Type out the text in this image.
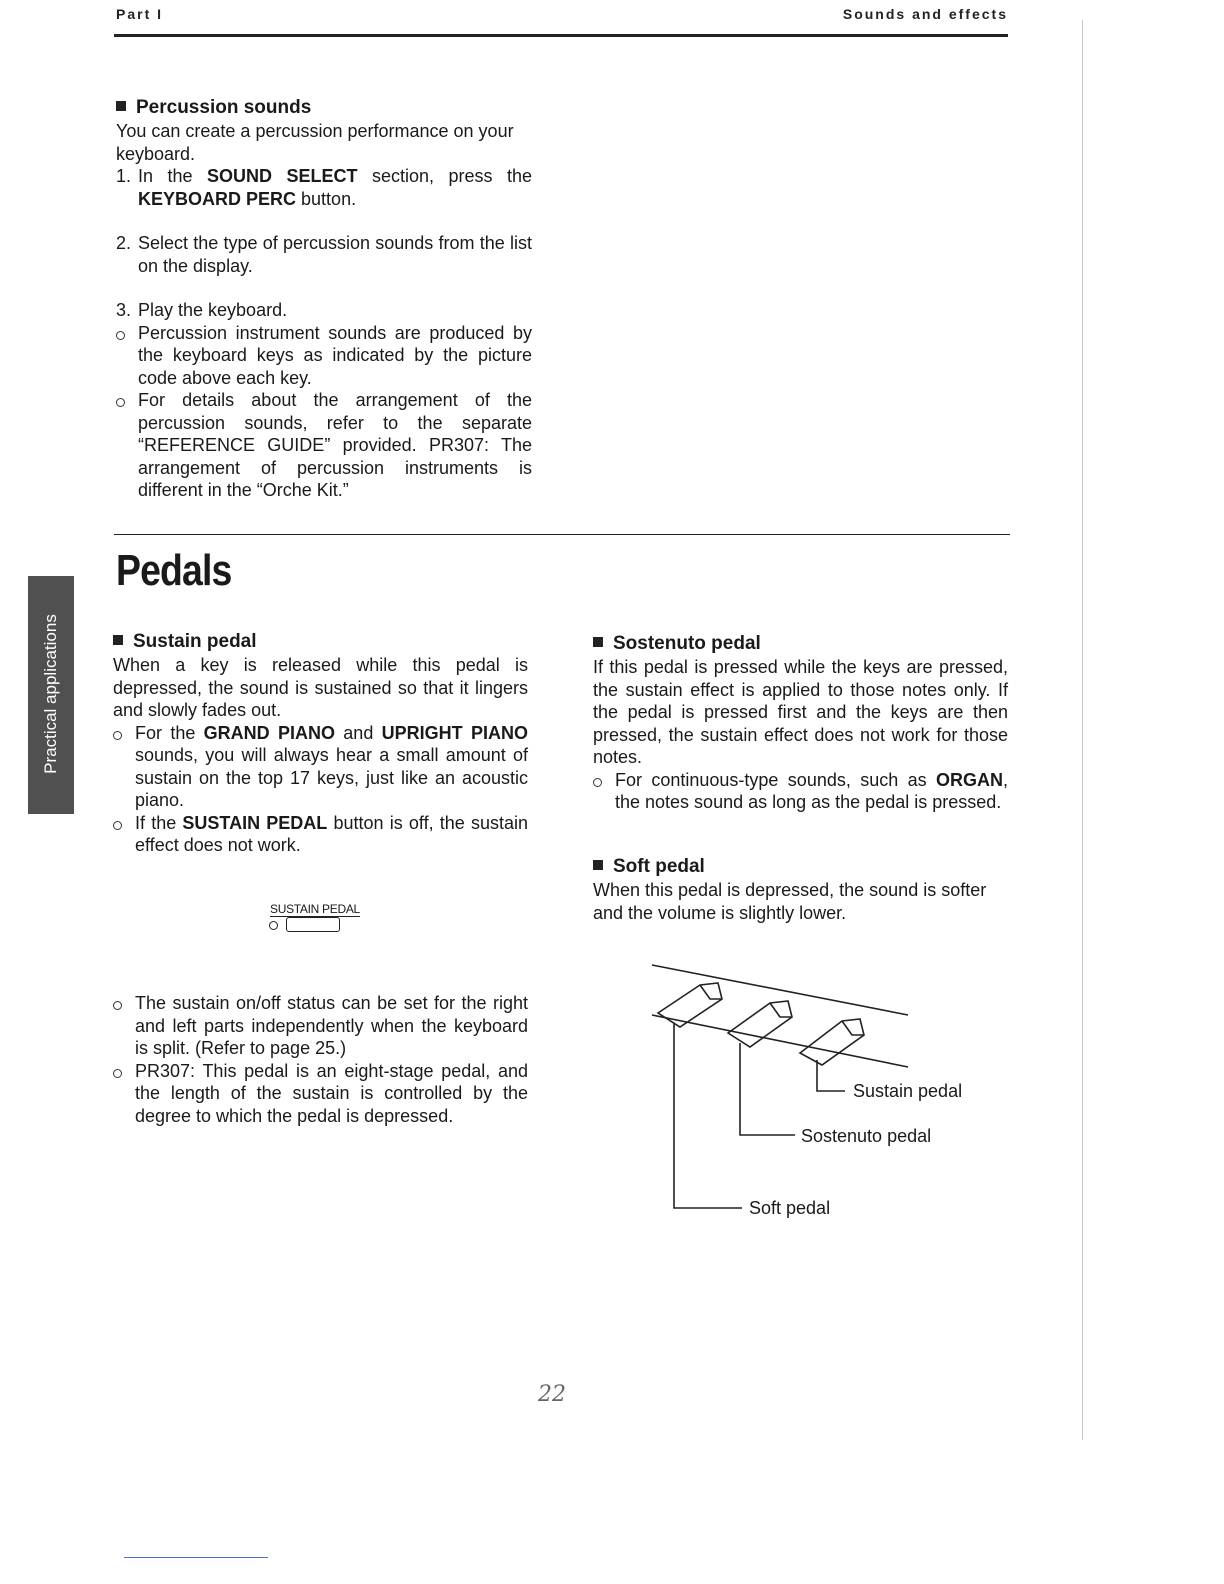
Part I	Sounds and effects
Percussion sounds
You can create a percussion performance on your keyboard.
1. In the SOUND SELECT section, press the KEYBOARD PERC button.
2. Select the type of percussion sounds from the list on the display.
3. Play the keyboard.
Percussion instrument sounds are produced by the keyboard keys as indicated by the picture code above each key.
For details about the arrangement of the percussion sounds, refer to the separate “REFERENCE GUIDE” provided. PR307: The arrangement of percussion instruments is different in the “Orche Kit.”
Practical applications
Pedals
Sustain pedal
When a key is released while this pedal is depressed, the sound is sustained so that it lingers and slowly fades out.
For the GRAND PIANO and UPRIGHT PIANO sounds, you will always hear a small amount of sustain on the top 17 keys, just like an acoustic piano.
If the SUSTAIN PEDAL button is off, the sustain effect does not work.
SUSTAIN PEDAL
The sustain on/off status can be set for the right and left parts independently when the keyboard is split. (Refer to page 25.)
PR307: This pedal is an eight-stage pedal, and the length of the sustain is controlled by the degree to which the pedal is depressed.
Sostenuto pedal
If this pedal is pressed while the keys are pressed, the sustain effect is applied to those notes only. If the pedal is pressed first and the keys are then pressed, the sustain effect does not work for those notes.
For continuous-type sounds, such as ORGAN, the notes sound as long as the pedal is pressed.
Soft pedal
When this pedal is depressed, the sound is softer and the volume is slightly lower.
Sustain pedal
Sostenuto pedal
Soft pedal
22
